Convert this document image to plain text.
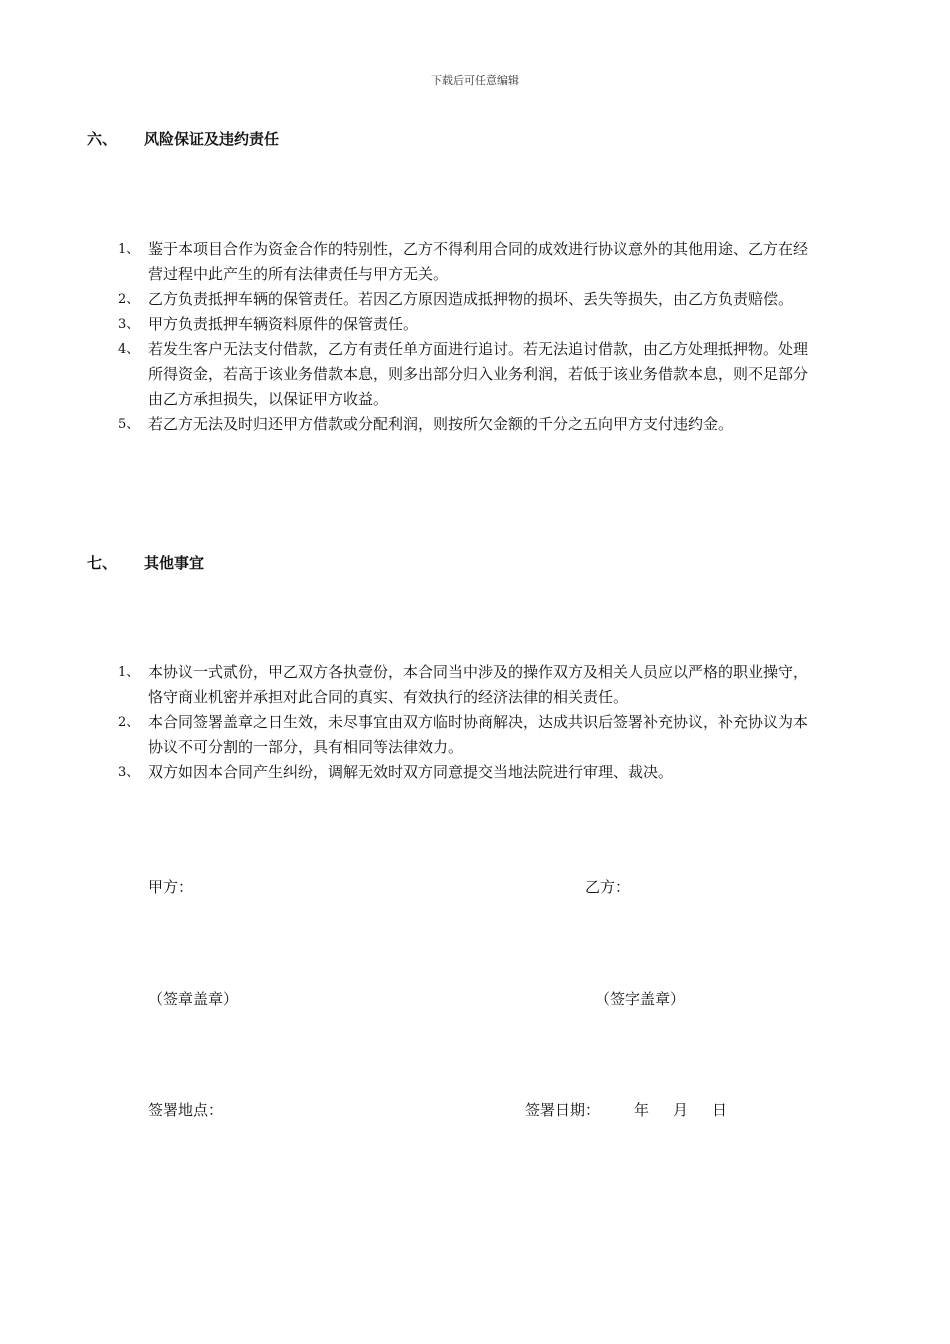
下载后可任意编辑
六、 风险保证及违约责任
1、 鉴于本项目合作为资金合作的特别性，乙方不得利用合同的成效进行协议意外的其他用途、乙方在经营过程中此产生的所有法律责任与甲方无关。
2、 乙方负责抵押车辆的保管责任。若因乙方原因造成抵押物的损坏、丢失等损失，由乙方负责赔偿。
3、 甲方负责抵押车辆资料原件的保管责任。
4、 若发生客户无法支付借款，乙方有责任单方面进行追讨。若无法追讨借款，由乙方处理抵押物。处理所得资金，若高于该业务借款本息，则多出部分归入业务利润，若低于该业务借款本息，则不足部分由乙方承担损失，以保证甲方收益。
5、 若乙方无法及时归还甲方借款或分配利润，则按所欠金额的千分之五向甲方支付违约金。
七、 其他事宜
1、 本协议一式贰份，甲乙双方各执壹份，本合同当中涉及的操作双方及相关人员应以严格的职业操守，恪守商业机密并承担对此合同的真实、有效执行的经济法律的相关责任。
2、 本合同签署盖章之日生效，未尽事宜由双方临时协商解决，达成共识后签署补充协议，补充协议为本协议不可分割的一部分，具有相同等法律效力。
3、 双方如因本合同产生纠纷，调解无效时双方同意提交当地法院进行审理、裁决。
甲方：	乙方：
（签章盖章）	（签字盖章）
签署地点：	签署日期： 年 月 日
